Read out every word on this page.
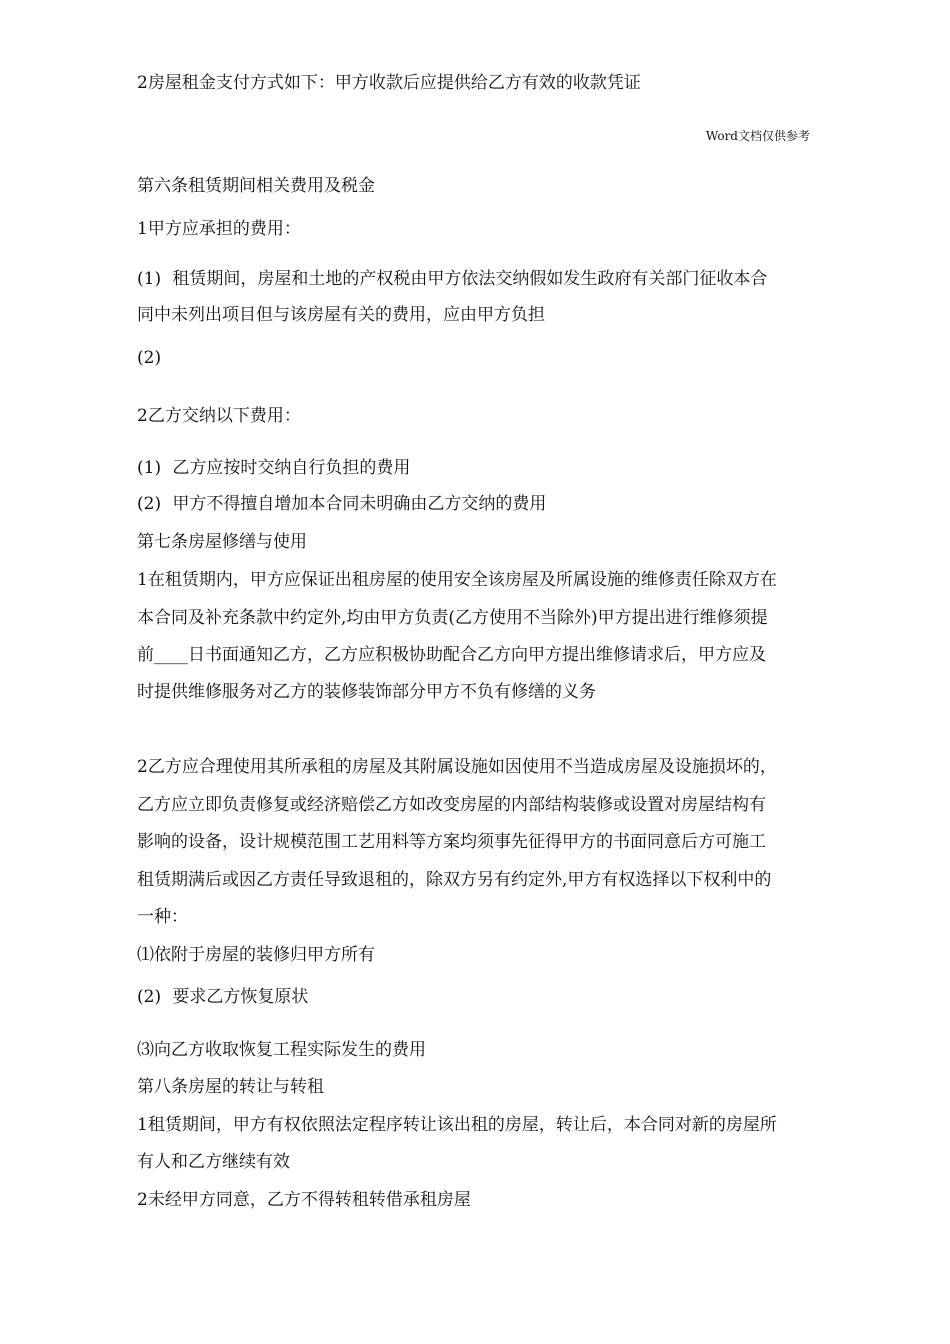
2房屋租金支付方式如下：甲方收款后应提供给乙方有效的收款凭证
Word文档仅供参考
第六条租赁期间相关费用及税金
1甲方应承担的费用：
(1) 租赁期间，房屋和土地的产权税由甲方依法交纳假如发生政府有关部门征收本合
同中未列出项目但与该房屋有关的费用，应由甲方负担
(2)
2乙方交纳以下费用：
(1) 乙方应按时交纳自行负担的费用
(2) 甲方不得擅自增加本合同未明确由乙方交纳的费用
第七条房屋修缮与使用
1在租赁期内，甲方应保证出租房屋的使用安全该房屋及所属设施的维修责任除双方在
本合同及补充条款中约定外,均由甲方负责(乙方使用不当除外)甲方提出进行维修须提
前____日书面通知乙方，乙方应积极协助配合乙方向甲方提出维修请求后，甲方应及
时提供维修服务对乙方的装修装饰部分甲方不负有修缮的义务
2乙方应合理使用其所承租的房屋及其附属设施如因使用不当造成房屋及设施损坏的，
乙方应立即负责修复或经济赔偿乙方如改变房屋的内部结构装修或设置对房屋结构有
影响的设备，设计规模范围工艺用料等方案均须事先征得甲方的书面同意后方可施工
租赁期满后或因乙方责任导致退租的，除双方另有约定外,甲方有权选择以下权利中的
一种：
⑴依附于房屋的装修归甲方所有
(2) 要求乙方恢复原状
⑶向乙方收取恢复工程实际发生的费用
第八条房屋的转让与转租
1租赁期间，甲方有权依照法定程序转让该出租的房屋，转让后，本合同对新的房屋所
有人和乙方继续有效
2未经甲方同意，乙方不得转租转借承租房屋
